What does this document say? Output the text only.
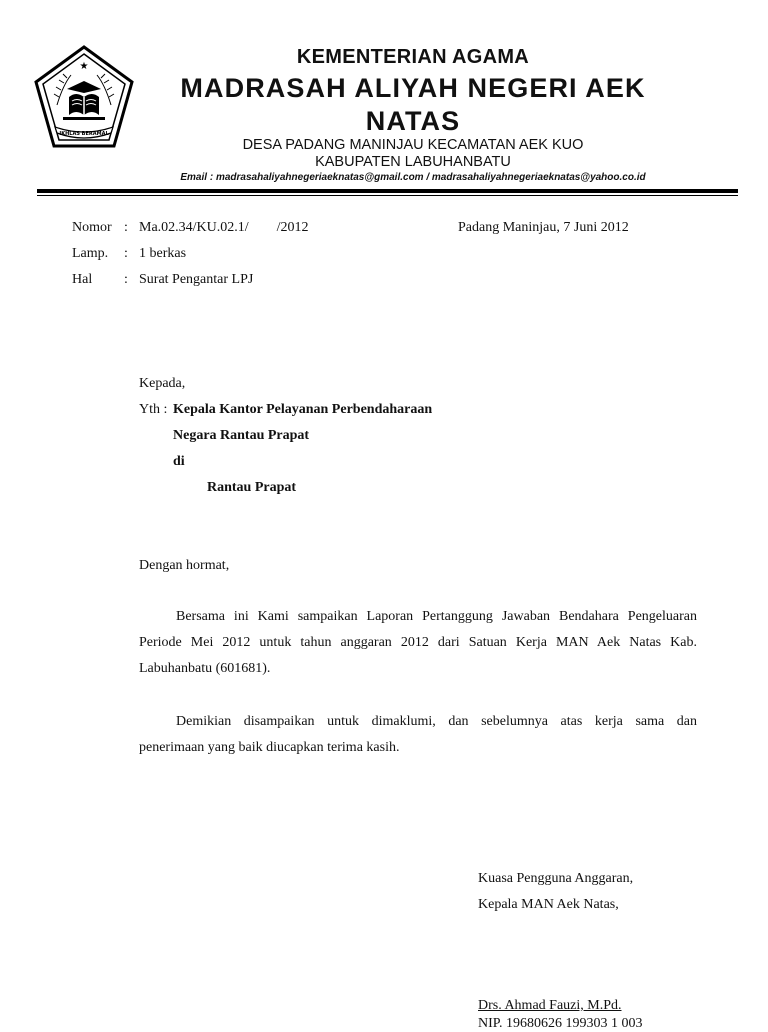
★
IKHLAS BERAMAL
KEMENTERIAN AGAMA
MADRASAH ALIYAH NEGERI AEK
NATAS
DESA PADANG MANINJAU KECAMATAN AEK KUO
KABUPATEN LABUHANBATU
Email : madrasahaliyahnegeriaeknatas@gmail.com / madrasahaliyahnegeriaeknatas@yahoo.co.id
Nomor : Ma.02.34/KU.02.1/        /2012
Lamp. : 1 berkas
Hal : Surat Pengantar LPJ
Padang Maninjau, 7 Juni 2012
Kepada,
Yth : Kepala Kantor Pelayanan Perbendaharaan
Negara Rantau Prapat
di
Rantau Prapat
Dengan hormat,
Bersama ini Kami sampaikan Laporan Pertanggung Jawaban Bendahara Pengeluaran
Periode Mei 2012 untuk tahun anggaran 2012 dari Satuan Kerja MAN Aek Natas Kab.
Labuhanbatu (601681).
Demikian disampaikan untuk dimaklumi, dan sebelumnya atas kerja sama dan
penerimaan yang baik diucapkan terima kasih.
Kuasa Pengguna Anggaran,
Kepala MAN Aek Natas,
Drs. Ahmad Fauzi, M.Pd.
NIP. 19680626 199303 1 003
